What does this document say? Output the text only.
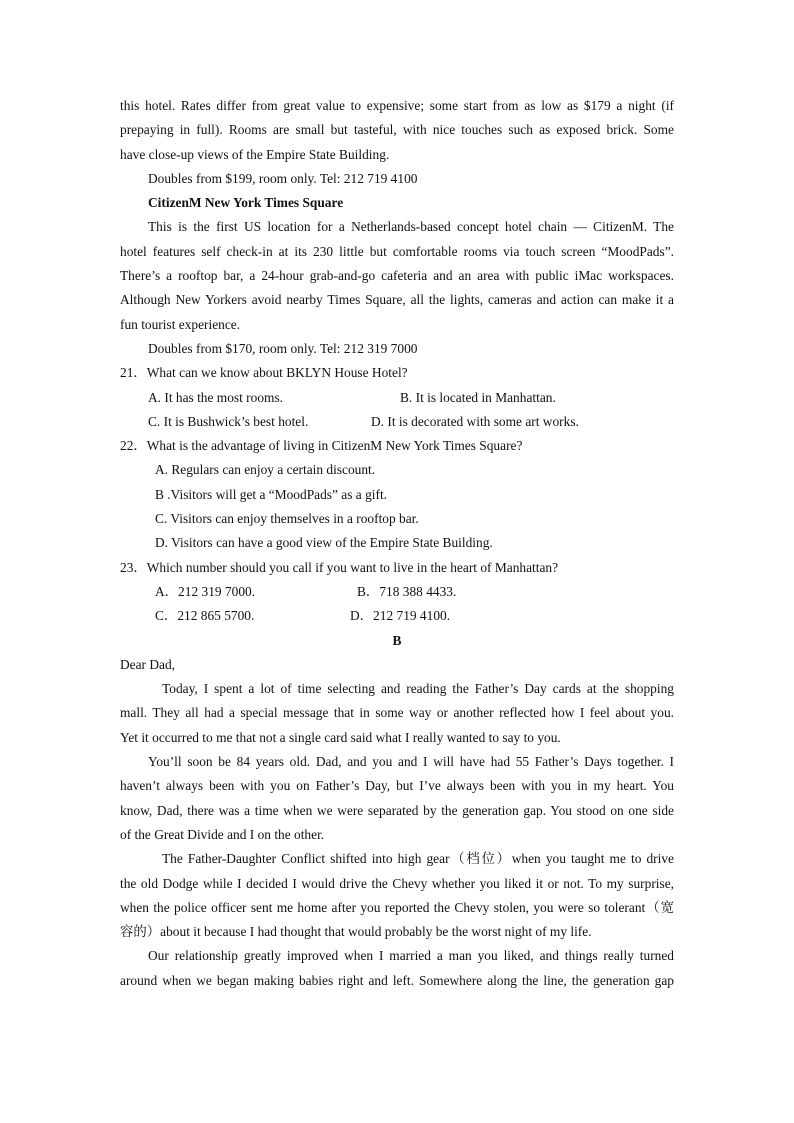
this hotel. Rates differ from great value to expensive; some start from as low as $179 a night (if
prepaying in full). Rooms are small but tasteful, with nice touches such as exposed brick. Some
have close-up views of the Empire State Building.
Doubles from $199, room only. Tel: 212 719 4100
CitizenM New York Times Square
This is the first US location for a Netherlands-based concept hotel chain — CitizenM. The
hotel features self check-in at its 230 little but comfortable rooms via touch screen “MoodPads”.
There’s a rooftop bar, a 24-hour grab-and-go cafeteria and an area with public iMac workspaces.
Although New Yorkers avoid nearby Times Square, all the lights, cameras and action can make it a
fun tourist experience.
Doubles from $170, room only. Tel: 212 319 7000
21．What can we know about BKLYN House Hotel?
A. It has the most rooms.	B. It is located in Manhattan.
C. It is Bushwick’s best hotel.	D. It is decorated with some art works.
22．What is the advantage of living in CitizenM New York Times Square?
A. Regulars can enjoy a certain discount.
B .Visitors will get a “MoodPads” as a gift.
C. Visitors can enjoy themselves in a rooftop bar.
D. Visitors can have a good view of the Empire State Building.
23．Which number should you call if you want to live in the heart of Manhattan?
A．212 319 7000.	B．718 388 4433.
C．212 865 5700.	D．212 719 4100.
B
Dear Dad,
Today, I spent a lot of time selecting and reading the Father’s Day cards at the shopping
mall. They all had a special message that in some way or another reflected how I feel about you.
Yet it occurred to me that not a single card said what I really wanted to say to you.
You’ll soon be 84 years old. Dad, and you and I will have had 55 Father’s Days together. I
haven’t always been with you on Father’s Day, but I’ve always been with you in my heart. You
know, Dad, there was a time when we were separated by the generation gap. You stood on one side
of the Great Divide and I on the other.
The Father-Daughter Conflict shifted into high gear（档位）when you taught me to drive
the old Dodge while I decided I would drive the Chevy whether you liked it or not. To my surprise,
when the police officer sent me home after you reported the Chevy stolen, you were so tolerant（宽
容的）about it because I had thought that would probably be the worst night of my life.
Our relationship greatly improved when I married a man you liked, and things really turned
around when we began making babies right and left. Somewhere along the line, the generation gap
